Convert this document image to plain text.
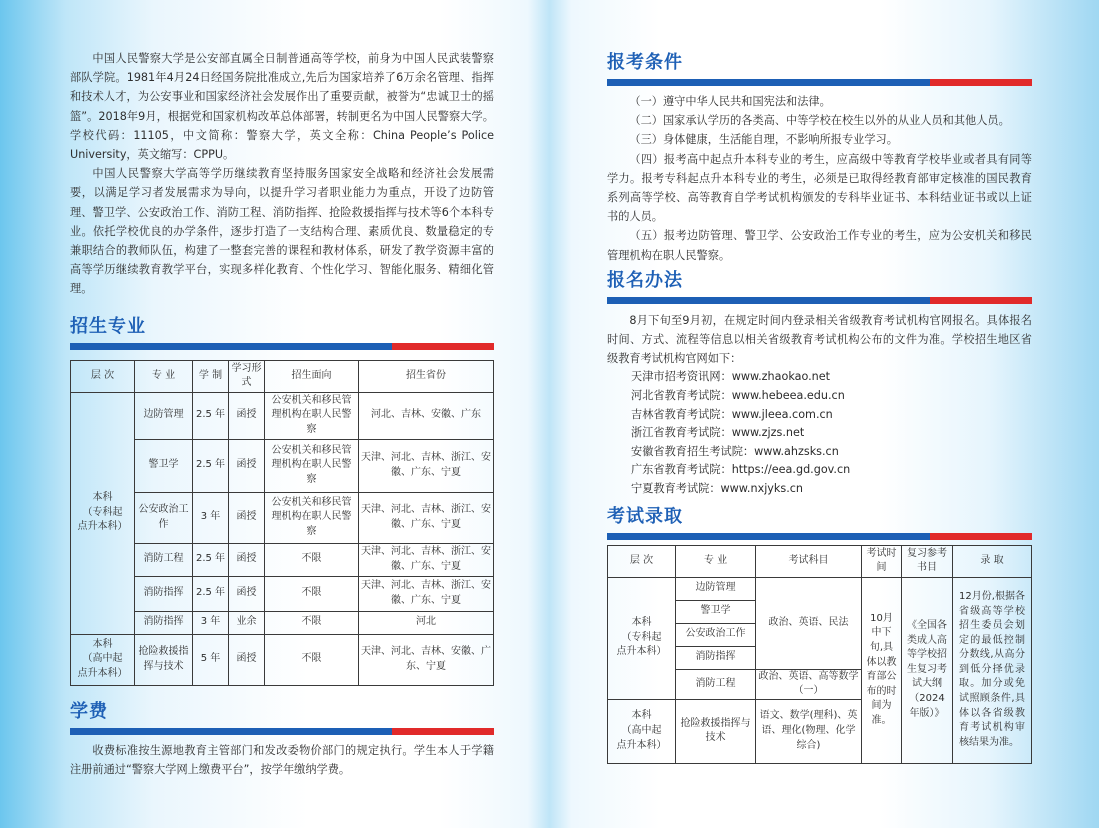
中国人民警察大学是公安部直属全日制普通高等学校，前身为中国人民武装警察部队学院。1981年4月24日经国务院批准成立,先后为国家培养了6万余名管理、指挥和技术人才，为公安事业和国家经济社会发展作出了重要贡献，被誉为“忠诚卫士的摇篮”。2018年9月，根据党和国家机构改革总体部署，转制更名为中国人民警察大学。学校代码：11105，中文简称：警察大学，英文全称：China People’s Police University，英文缩写：CPPU。

中国人民警察大学高等学历继续教育坚持服务国家安全战略和经济社会发展需要，以满足学习者发展需求为导向，以提升学习者职业能力为重点，开设了边防管理、警卫学、公安政治工作、消防工程、消防指挥、抢险救援指挥与技术等6个本科专业。依托学校优良的办学条件，逐步打造了一支结构合理、素质优良、数量稳定的专兼职结合的教师队伍，构建了一整套完善的课程和教材体系，研发了教学资源丰富的高等学历继续教育教学平台，实现多样化教育、个性化学习、智能化服务、精细化管理。

招生专业
层 次	专 业	学 制	学习形式	招生面向	招生省份
本科
（专科起
点升本科）	边防管理	2.5 年	函授	公安机关和移民管理机构在职人民警察	河北、吉林、安徽、广东
	警卫学	2.5 年	函授	公安机关和移民管理机构在职人民警察	天津、河北、吉林、浙江、安徽、广东、宁夏
	公安政治工作	3 年	函授	公安机关和移民管理机构在职人民警察	天津、河北、吉林、浙江、安徽、广东、宁夏
	消防工程	2.5 年	函授	不限	天津、河北、吉林、浙江、安徽、广东、宁夏
	消防指挥	2.5 年	函授	不限	天津、河北、吉林、浙江、安徽、广东、宁夏
	消防指挥	3 年	业余	不限	河北
本科
（高中起
点升本科）	抢险救援指挥与技术	5 年	函授	不限	天津、河北、吉林、安徽、广东、宁夏
学费

收费标准按生源地教育主管部门和发改委物价部门的规定执行。学生本人于学籍注册前通过“警察大学网上缴费平台”，按学年缴纳学费。

报考条件

（一）遵守中华人民共和国宪法和法律。

（二）国家承认学历的各类高、中等学校在校生以外的从业人员和其他人员。

（三）身体健康，生活能自理，不影响所报专业学习。

（四）报考高中起点升本科专业的考生，应高级中等教育学校毕业或者具有同等学力。报考专科起点升本科专业的考生，必须是已取得经教育部审定核准的国民教育系列高等学校、高等教育自学考试机构颁发的专科毕业证书、本科结业证书或以上证书的人员。

（五）报考边防管理、警卫学、公安政治工作专业的考生，应为公安机关和移民管理机构在职人民警察。

报名办法

8月下旬至9月初，在规定时间内登录相关省级教育考试机构官网报名。具体报名时间、方式、流程等信息以相关省级教育考试机构公布的文件为准。学校招生地区省级教育考试机构官网如下：

天津市招考资讯网：www.zhaokao.net
河北省教育考试院：www.hebeea.edu.cn
吉林省教育考试院：www.jleea.com.cn
浙江省教育考试院：www.zjzs.net
安徽省教育招生考试院：www.ahzsks.cn
广东省教育考试院：https://eea.gd.gov.cn
宁夏教育考试院：www.nxjyks.cn
考试录取
层 次	专 业	考试科目	考试时间	复习参考书目	录 取
本科
（专科起
点升本科）	边防管理	政治、英语、民法	10月中下旬,具体以教育部公布的时间为准。	《全国各类成人高等学校招生复习考试大纲（2024年版）》	12月份,根据各省级高等学校招生委员会划定的最低控制分数线,从高分到低分择优录取。加分或免试照顾条件,具体以各省级教育考试机构审核结果为准。
	警卫学				
	公安政治工作				
	消防指挥				
	消防工程	政治、英语、高等数学（一）			
本科
（高中起
点升本科）	抢险救援指挥与技术	语文、数学(理科)、英语、理化(物理、化学综合)			
